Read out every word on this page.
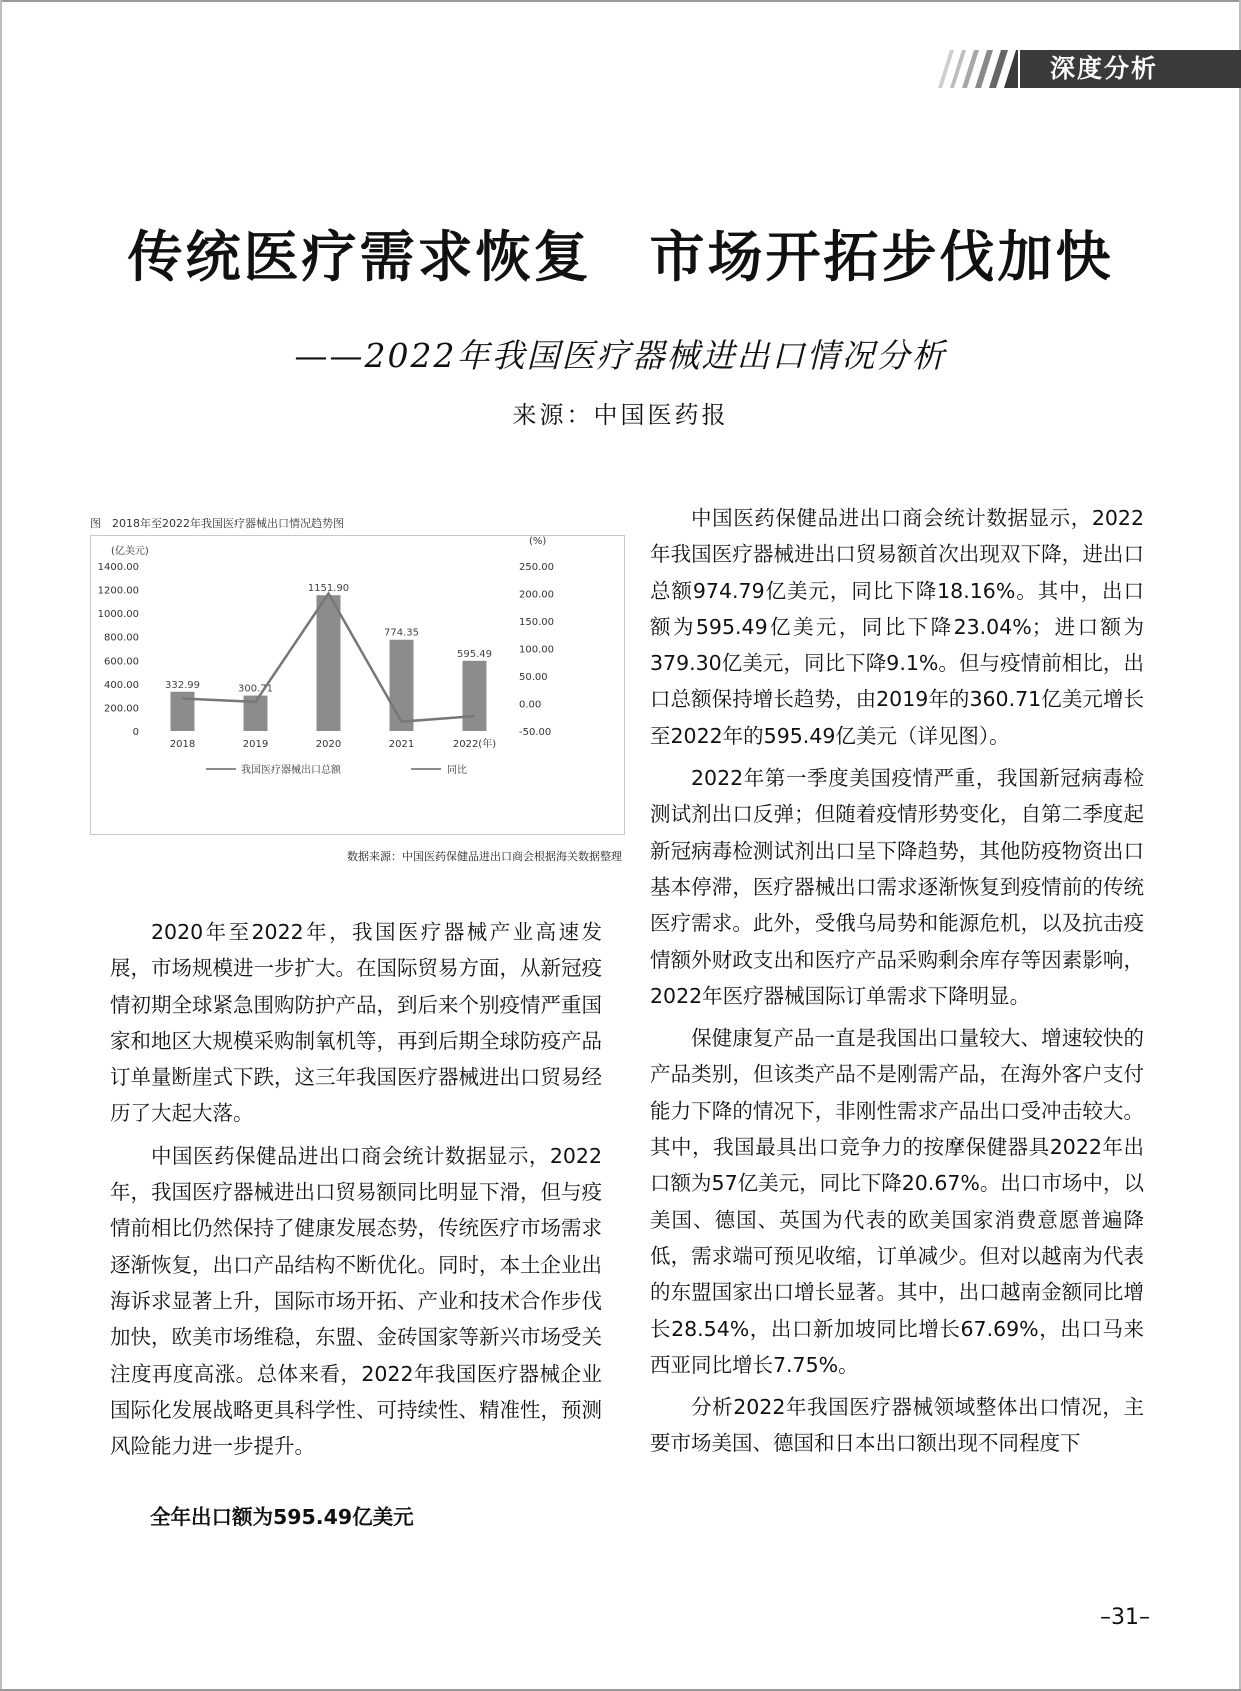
深度分析
传统医疗需求恢复　市场开拓步伐加快
——2022年我国医疗器械进出口情况分析
来源：中国医药报
图　2018年至2022年我国医疗器械出口情况趋势图
(亿美元)
0
200.00
400.00
600.00
800.00
1000.00
1200.00
1400.00
(%)
-50.00
0.00
50.00
100.00
150.00
200.00
250.00
332.99	300.71
1151.90
774.35
595.49
2018	2019	2020	2021	2022(年)
我国医疗器械出口总额	同比
数据来源：中国医药保健品进出口商会根据海关数据整理

2020年至2022年，我国医疗器械产业高速发展，市场规模进一步扩大。在国际贸易方面，从新冠疫情初期全球紧急围购防护产品，到后来个别疫情严重国家和地区大规模采购制氧机等，再到后期全球防疫产品订单量断崖式下跌，这三年我国医疗器械进出口贸易经历了大起大落。

中国医药保健品进出口商会统计数据显示，2022年，我国医疗器械进出口贸易额同比明显下滑，但与疫情前相比仍然保持了健康发展态势，传统医疗市场需求逐渐恢复，出口产品结构不断优化。同时，本土企业出海诉求显著上升，国际市场开拓、产业和技术合作步伐加快，欧美市场维稳，东盟、金砖国家等新兴市场受关注度再度高涨。总体来看，2022年我国医疗器械企业国际化发展战略更具科学性、可持续性、精准性，预测风险能力进一步提升。

全年出口额为595.49亿美元

中国医药保健品进出口商会统计数据显示，2022年我国医疗器械进出口贸易额首次出现双下降，进出口总额974.79亿美元，同比下降18.16%。其中，出口额为595.49亿美元，同比下降23.04%；进口额为379.30亿美元，同比下降9.1%。但与疫情前相比，出口总额保持增长趋势，由2019年的360.71亿美元增长至2022年的595.49亿美元（详见图）。

2022年第一季度美国疫情严重，我国新冠病毒检测试剂出口反弹；但随着疫情形势变化，自第二季度起新冠病毒检测试剂出口呈下降趋势，其他防疫物资出口基本停滞，医疗器械出口需求逐渐恢复到疫情前的传统医疗需求。此外，受俄乌局势和能源危机，以及抗击疫情额外财政支出和医疗产品采购剩余库存等因素影响，2022年医疗器械国际订单需求下降明显。

保健康复产品一直是我国出口量较大、增速较快的产品类别，但该类产品不是刚需产品，在海外客户支付能力下降的情况下，非刚性需求产品出口受冲击较大。其中，我国最具出口竞争力的按摩保健器具2022年出口额为57亿美元，同比下降20.67%。出口市场中，以美国、德国、英国为代表的欧美国家消费意愿普遍降低，需求端可预见收缩，订单减少。但对以越南为代表的东盟国家出口增长显著。其中，出口越南金额同比增长28.54%，出口新加坡同比增长67.69%，出口马来西亚同比增长7.75%。

分析2022年我国医疗器械领域整体出口情况，主要市场美国、德国和日本出口额出现不同程度下

–31–
